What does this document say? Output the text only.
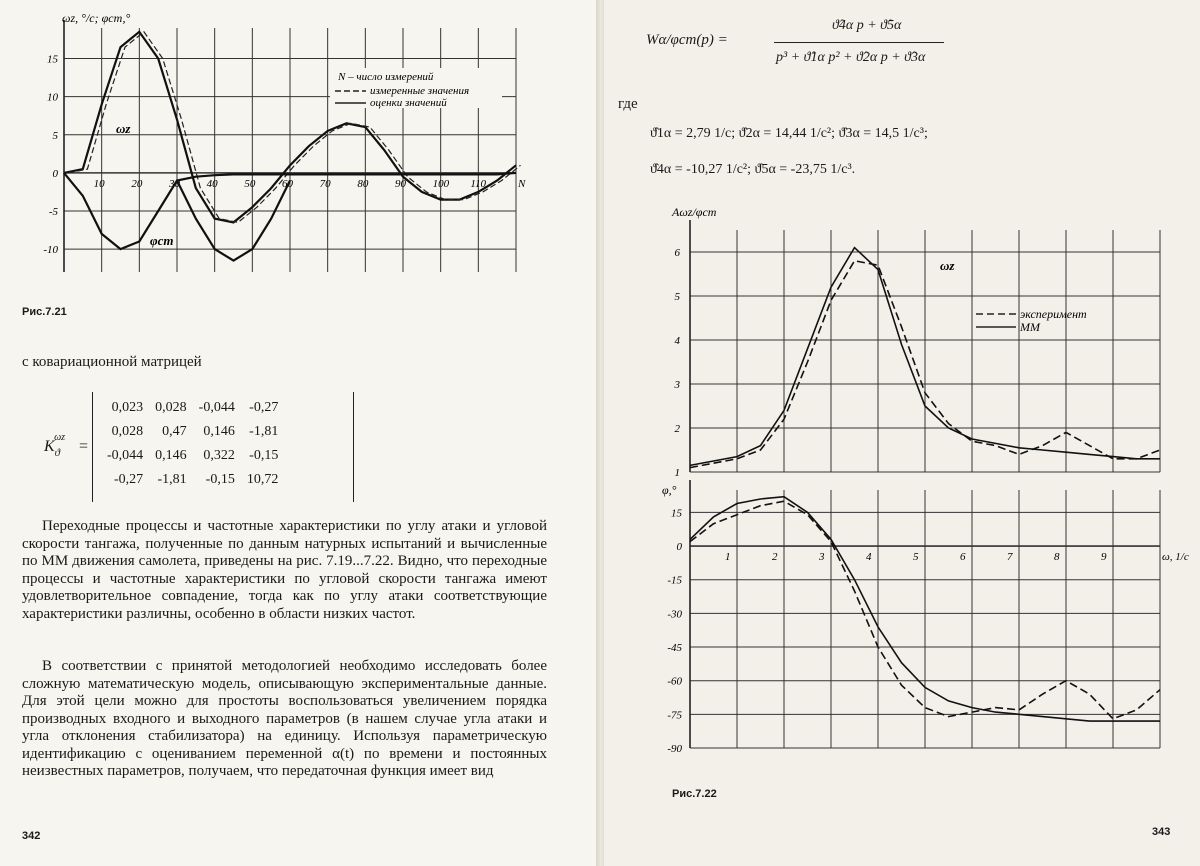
10 20 30 40 50 60 70 80 90 100 110	N
15
10
5
0
-5
-10
ωz, °/c; φст,°
N – число измерений
измеренные значения
оценки значений
ωz
φст
Рис.7.21
с ковариационной матрицей
$K_ϑ^{\omega z}$ =
0,023	0,028	-0,044	-0,27
0,028	0,47	0,146	-1,81
-0,044	0,146	0,322	-0,15
-0,27	-1,81	-0,15	10,72

Переходные процессы и частотные характеристики по углу атаки и угловой скорости тангажа, полученные по данным натурных испытаний и вычисленные по ММ движения самолета, приведены на рис. 7.19...7.22. Видно, что переходные процессы и частотные характеристики по угловой скорости тангажа имеют удовлетворительное совпадение, тогда как по углу атаки соответствующие характеристики различны, особенно в области низких частот.

В соответствии с принятой методологией необходимо исследовать более сложную математическую модель, описывающую экспериментальные данные. Для этой цели можно для простоты воспользоваться увеличением порядка производных входного и выходного параметров (в нашем случае угла атаки и угла отклонения стабилизатора) на единицу. Используя параметрическую идентификацию с оцениванием переменной α(t) по времени и постоянных неизвестных параметров, получаем, что передаточная функция имеет вид

342
Wα/φст(p) =
ϑ̂4α p + ϑ̂5α
p³ + ϑ̂1α p² + ϑ̂2α p + ϑ̂3α
где
ϑ̂1α = 2,79 1/c; ϑ̂2α = 14,44 1/c²; ϑ̂3α = 14,5 1/c³;
ϑ̂4α = -10,27 1/c²; ϑ̂5α = -23,75 1/c³.
6
5
4
3
2
1
15
0
-15
-30
-45
-60
-75
-90
1	2	3	4	5	6	7	8	9	ω, 1/c
Aωz/φст
ωz
эксперимент
ММ
φ,°
Рис.7.22
343
